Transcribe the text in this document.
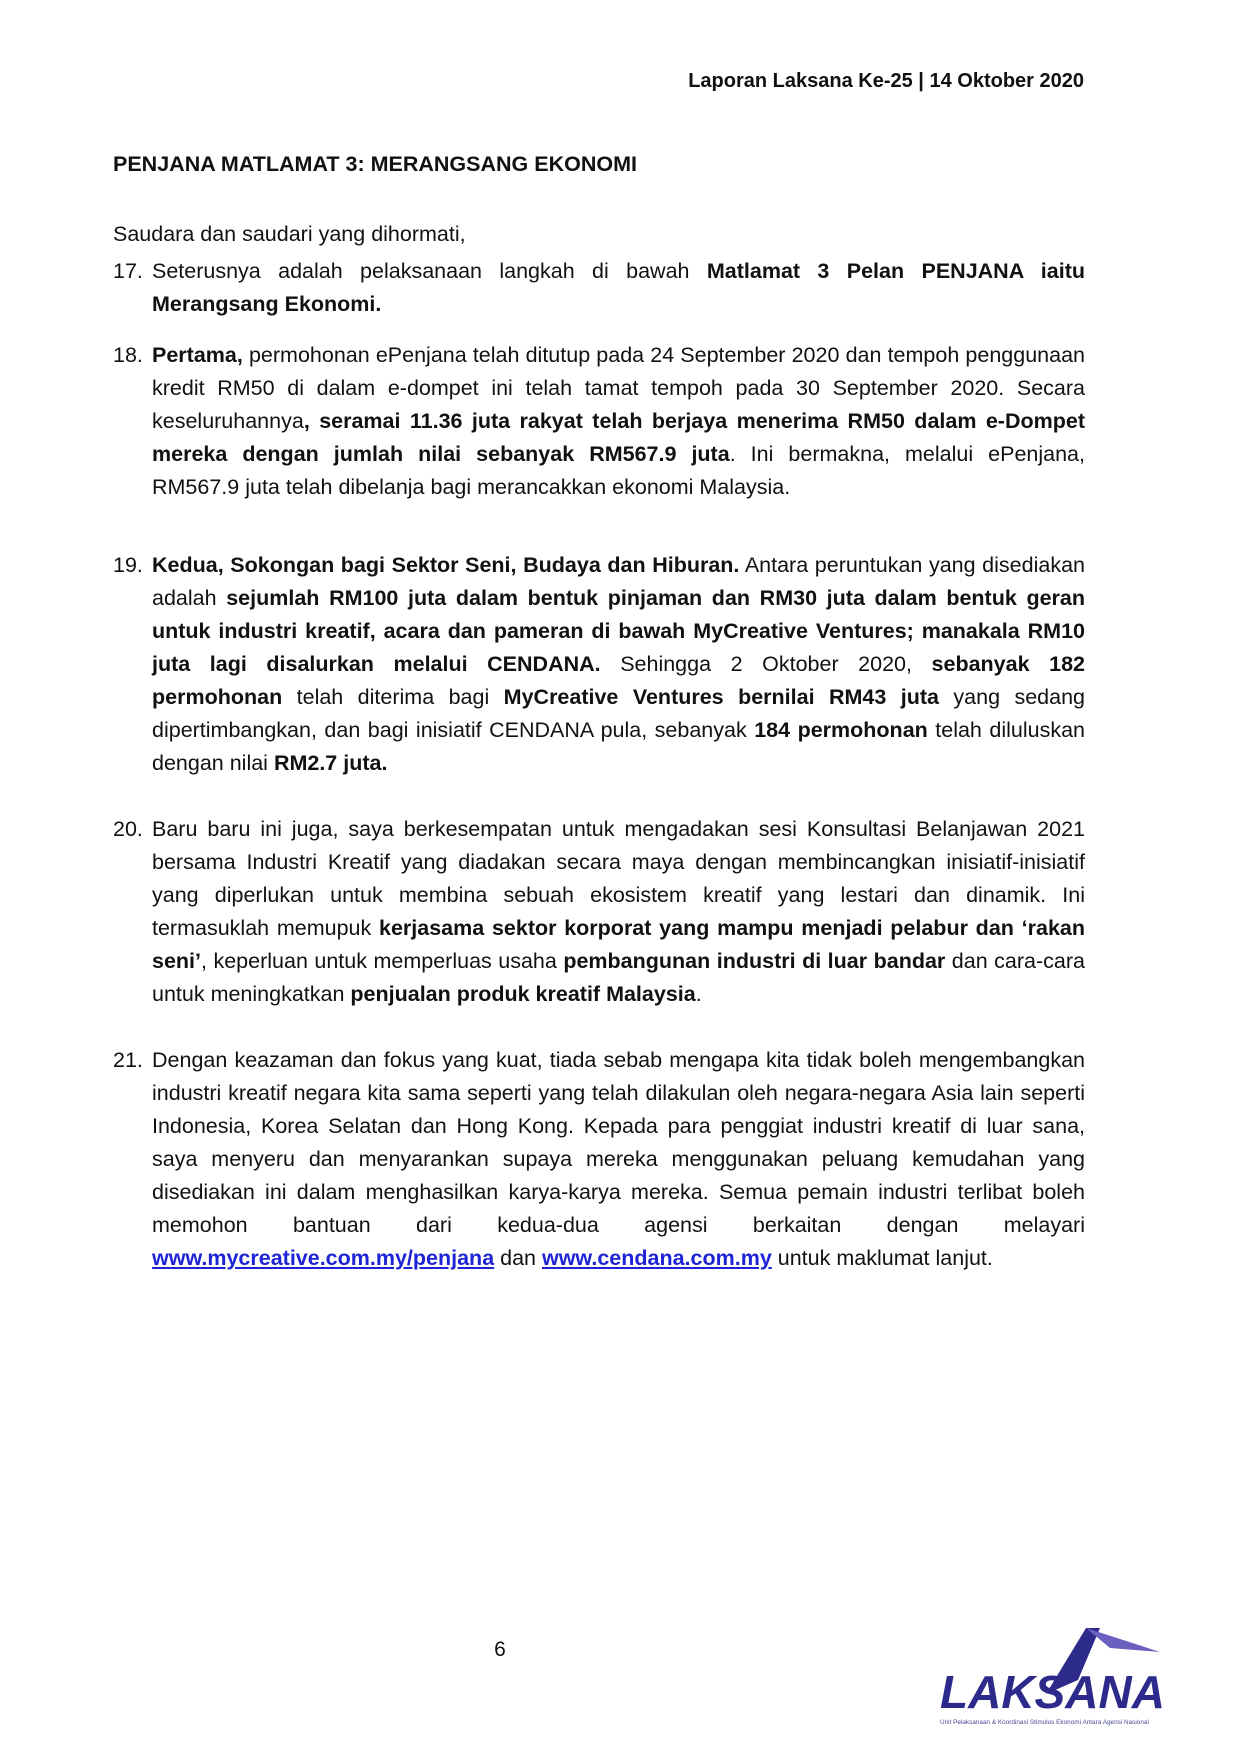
Laporan Laksana Ke-25 | 14 Oktober 2020
PENJANA MATLAMAT 3: MERANGSANG EKONOMI
Saudara dan saudari yang dihormati,
17. Seterusnya adalah pelaksanaan langkah di bawah Matlamat 3 Pelan PENJANA iaitu Merangsang Ekonomi.
18. Pertama, permohonan ePenjana telah ditutup pada 24 September 2020 dan tempoh penggunaan kredit RM50 di dalam e-dompet ini telah tamat tempoh pada 30 September 2020. Secara keseluruhannya, seramai 11.36 juta rakyat telah berjaya menerima RM50 dalam e-Dompet mereka dengan jumlah nilai sebanyak RM567.9 juta. Ini bermakna, melalui ePenjana, RM567.9 juta telah dibelanja bagi merancakkan ekonomi Malaysia.
19. Kedua, Sokongan bagi Sektor Seni, Budaya dan Hiburan. Antara peruntukan yang disediakan adalah sejumlah RM100 juta dalam bentuk pinjaman dan RM30 juta dalam bentuk geran untuk industri kreatif, acara dan pameran di bawah MyCreative Ventures; manakala RM10 juta lagi disalurkan melalui CENDANA. Sehingga 2 Oktober 2020, sebanyak 182 permohonan telah diterima bagi MyCreative Ventures bernilai RM43 juta yang sedang dipertimbangkan, dan bagi inisiatif CENDANA pula, sebanyak 184 permohonan telah diluluskan dengan nilai RM2.7 juta.
20. Baru baru ini juga, saya berkesempatan untuk mengadakan sesi Konsultasi Belanjawan 2021 bersama Industri Kreatif yang diadakan secara maya dengan membincangkan inisiatif-inisiatif yang diperlukan untuk membina sebuah ekosistem kreatif yang lestari dan dinamik. Ini termasuklah memupuk kerjasama sektor korporat yang mampu menjadi pelabur dan ‘rakan seni’, keperluan untuk memperluas usaha pembangunan industri di luar bandar dan cara-cara untuk meningkatkan penjualan produk kreatif Malaysia.
21. Dengan keazaman dan fokus yang kuat, tiada sebab mengapa kita tidak boleh mengembangkan industri kreatif negara kita sama seperti yang telah dilakulan oleh negara-negara Asia lain seperti Indonesia, Korea Selatan dan Hong Kong. Kepada para penggiat industri kreatif di luar sana, saya menyeru dan menyarankan supaya mereka menggunakan peluang kemudahan yang disediakan ini dalam menghasilkan karya-karya mereka. Semua pemain industri terlibat boleh memohon bantuan dari kedua-dua agensi berkaitan dengan melayari www.mycreative.com.my/penjana dan www.cendana.com.my untuk maklumat lanjut.
6
LAKSANA
Unit Pelaksanaan & Koordinasi Stimulus Ekonomi Antara Agensi Nasional
